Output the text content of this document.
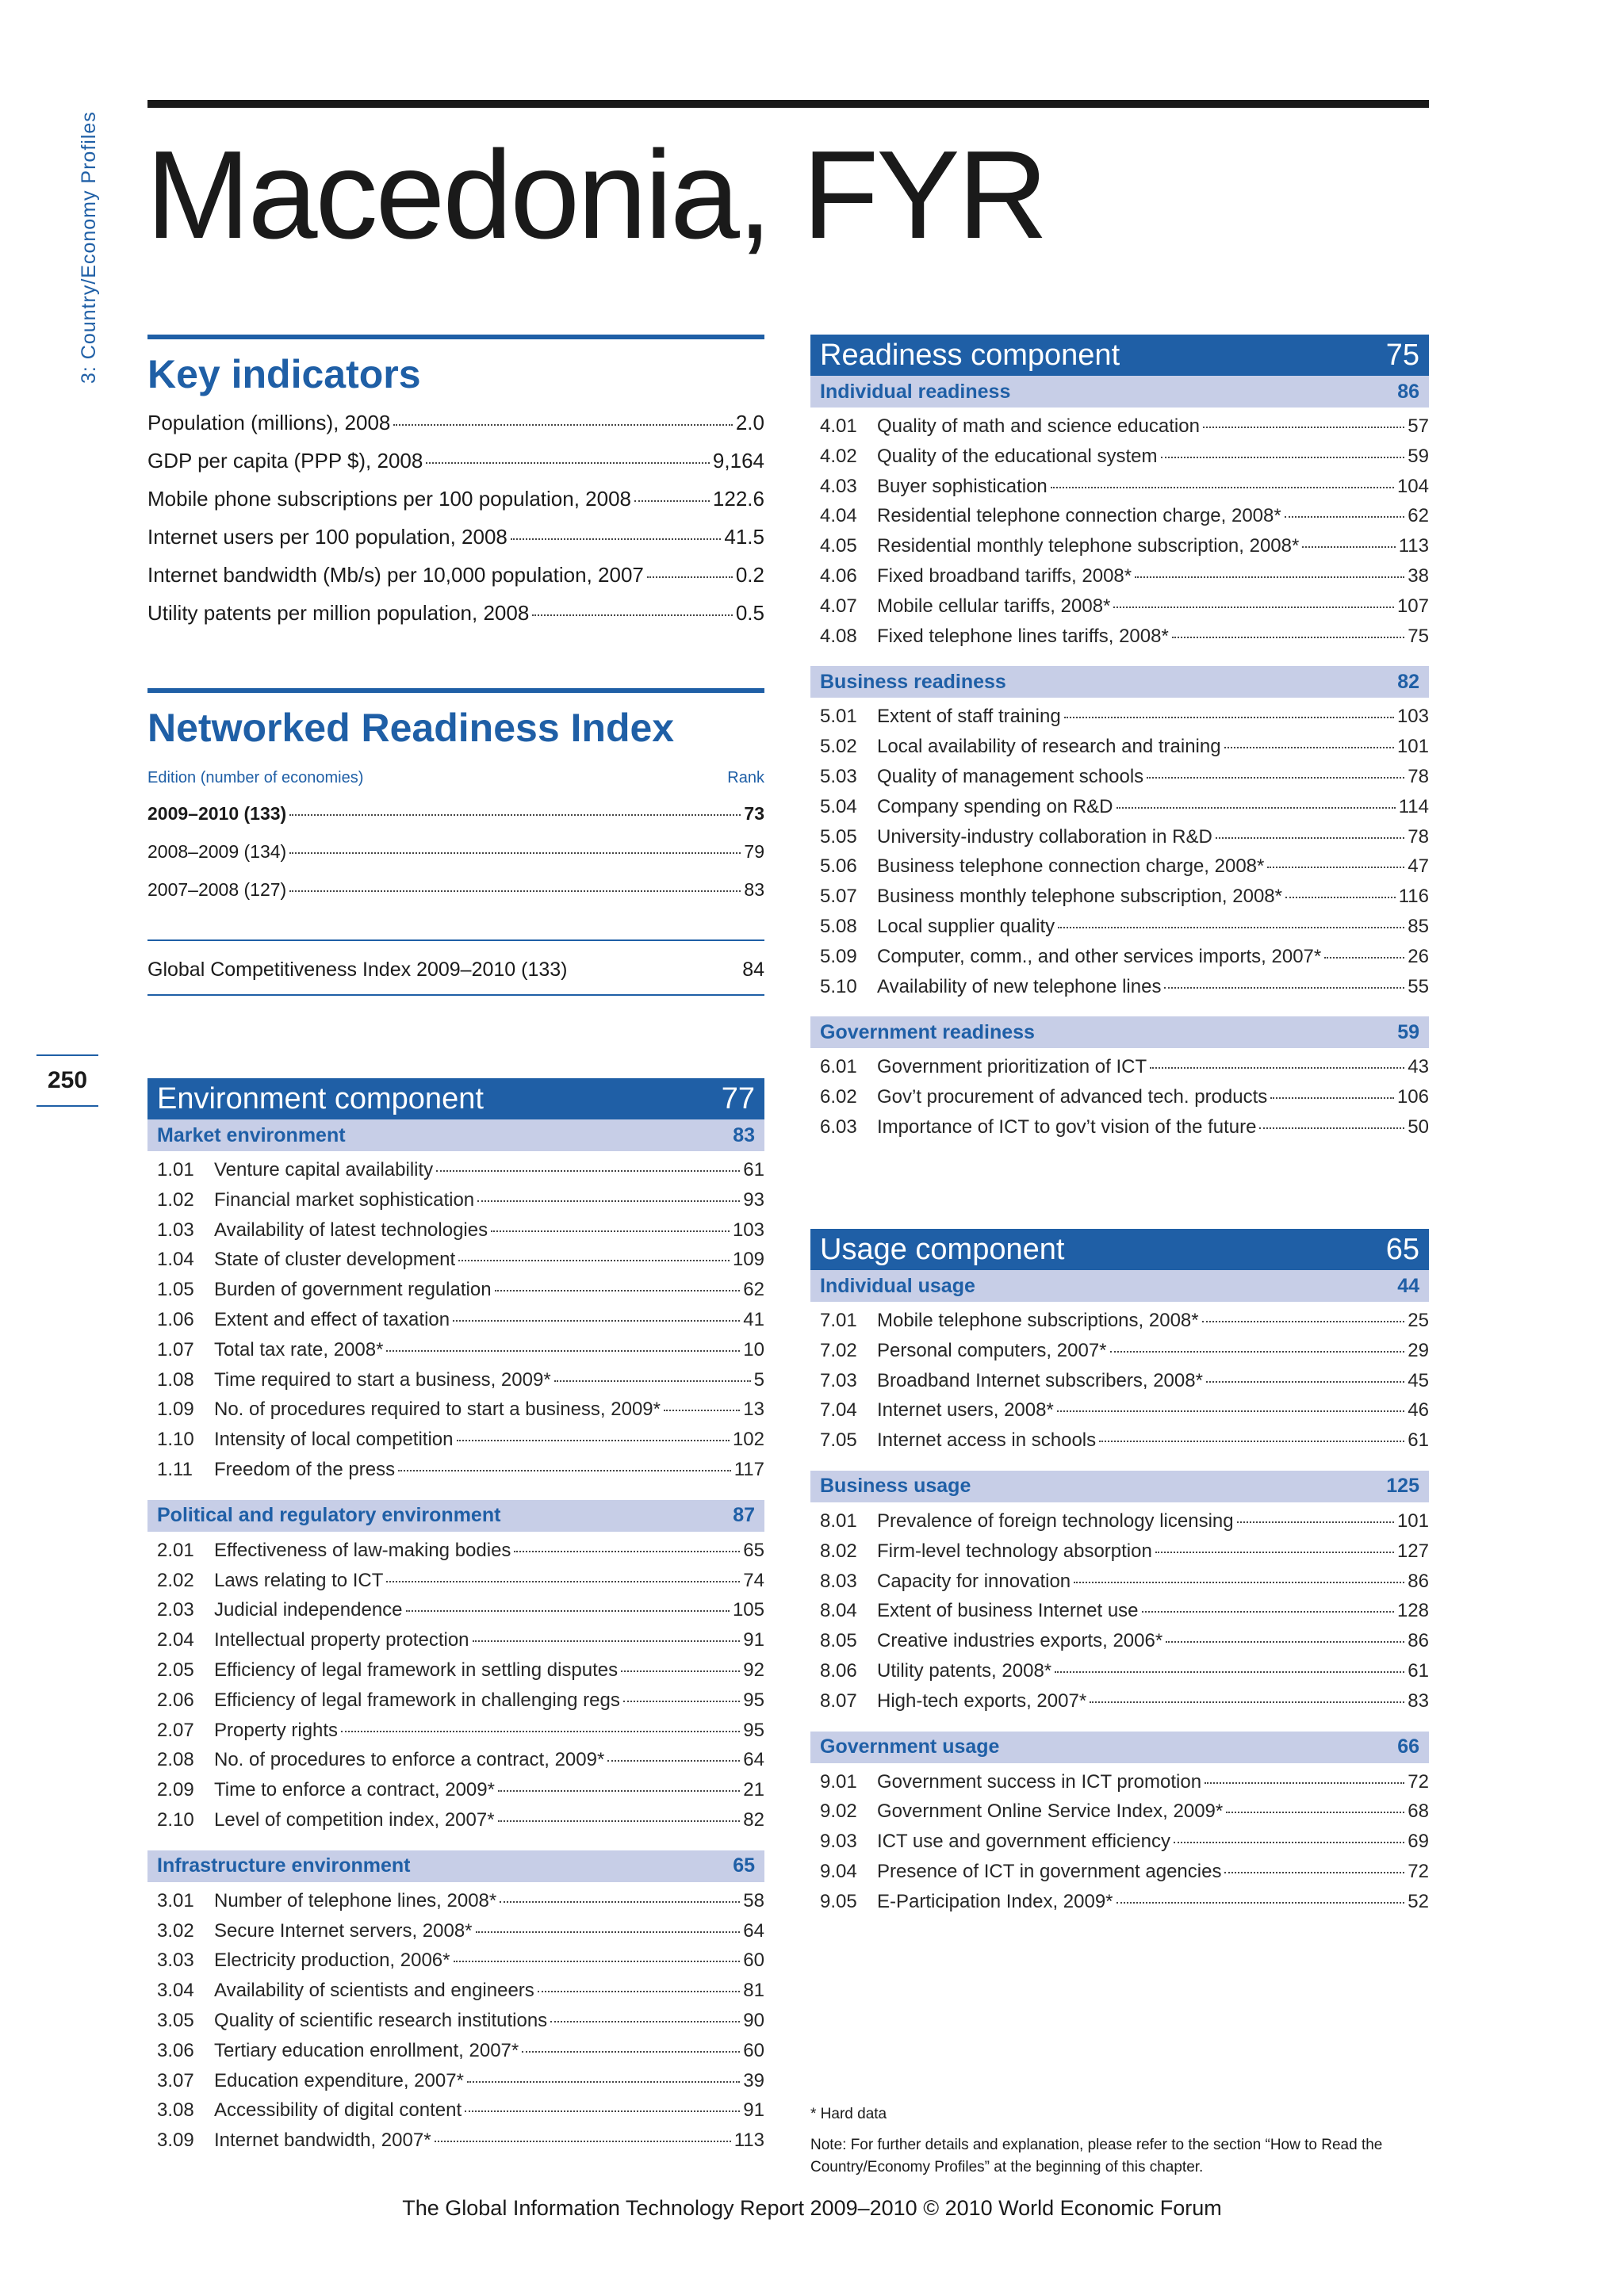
3: Country/Economy Profiles
250
Macedonia, FYR
Key indicators
Population (millions), 2008	2.0
GDP per capita (PPP $), 2008	9,164
Mobile phone subscriptions per 100 population, 2008	122.6
Internet users per 100 population, 2008	41.5
Internet bandwidth (Mb/s) per 10,000 population, 2007	0.2
Utility patents per million population, 2008	0.5
Networked Readiness Index
Edition (number of economies)	Rank
2009–2010 (133)	73
2008–2009 (134)	79
2007–2008 (127)	83
Global Competitiveness Index 2009–2010 (133)	84
Environment component	77
Market environment	83
1.01	Venture capital availability	61
1.02	Financial market sophistication	93
1.03	Availability of latest technologies	103
1.04	State of cluster development	109
1.05	Burden of government regulation	62
1.06	Extent and effect of taxation	41
1.07	Total tax rate, 2008*	10
1.08	Time required to start a business, 2009*	5
1.09	No. of procedures required to start a business, 2009*	13
1.10	Intensity of local competition	102
1.11	Freedom of the press	117
Political and regulatory environment	87
2.01	Effectiveness of law-making bodies	65
2.02	Laws relating to ICT	74
2.03	Judicial independence	105
2.04	Intellectual property protection	91
2.05	Efficiency of legal framework in settling disputes	92
2.06	Efficiency of legal framework in challenging regs	95
2.07	Property rights	95
2.08	No. of procedures to enforce a contract, 2009*	64
2.09	Time to enforce a contract, 2009*	21
2.10	Level of competition index, 2007*	82
Infrastructure environment	65
3.01	Number of telephone lines, 2008*	58
3.02	Secure Internet servers, 2008*	64
3.03	Electricity production, 2006*	60
3.04	Availability of scientists and engineers	81
3.05	Quality of scientific research institutions	90
3.06	Tertiary education enrollment, 2007*	60
3.07	Education expenditure, 2007*	39
3.08	Accessibility of digital content	91
3.09	Internet bandwidth, 2007*	113
Readiness component	75
Individual readiness	86
4.01	Quality of math and science education	57
4.02	Quality of the educational system	59
4.03	Buyer sophistication	104
4.04	Residential telephone connection charge, 2008*	62
4.05	Residential monthly telephone subscription, 2008*	113
4.06	Fixed broadband tariffs, 2008*	38
4.07	Mobile cellular tariffs, 2008*	107
4.08	Fixed telephone lines tariffs, 2008*	75
Business readiness	82
5.01	Extent of staff training	103
5.02	Local availability of research and training	101
5.03	Quality of management schools	78
5.04	Company spending on R&D	114
5.05	University-industry collaboration in R&D	78
5.06	Business telephone connection charge, 2008*	47
5.07	Business monthly telephone subscription, 2008*	116
5.08	Local supplier quality	85
5.09	Computer, comm., and other services imports, 2007*	26
5.10	Availability of new telephone lines	55
Government readiness	59
6.01	Government prioritization of ICT	43
6.02	Gov’t procurement of advanced tech. products	106
6.03	Importance of ICT to gov’t vision of the future	50
Usage component	65
Individual usage	44
7.01	Mobile telephone subscriptions, 2008*	25
7.02	Personal computers, 2007*	29
7.03	Broadband Internet subscribers, 2008*	45
7.04	Internet users, 2008*	46
7.05	Internet access in schools	61
Business usage	125
8.01	Prevalence of foreign technology licensing	101
8.02	Firm-level technology absorption	127
8.03	Capacity for innovation	86
8.04	Extent of business Internet use	128
8.05	Creative industries exports, 2006*	86
8.06	Utility patents, 2008*	61
8.07	High-tech exports, 2007*	83
Government usage	66
9.01	Government success in ICT promotion	72
9.02	Government Online Service Index, 2009*	68
9.03	ICT use and government efficiency	69
9.04	Presence of ICT in government agencies	72
9.05	E-Participation Index, 2009*	52
* Hard data
Note: For further details and explanation, please refer to the section “How to Read the Country/Economy Profiles” at the beginning of this chapter.
The Global Information Technology Report 2009–2010 © 2010 World Economic Forum
